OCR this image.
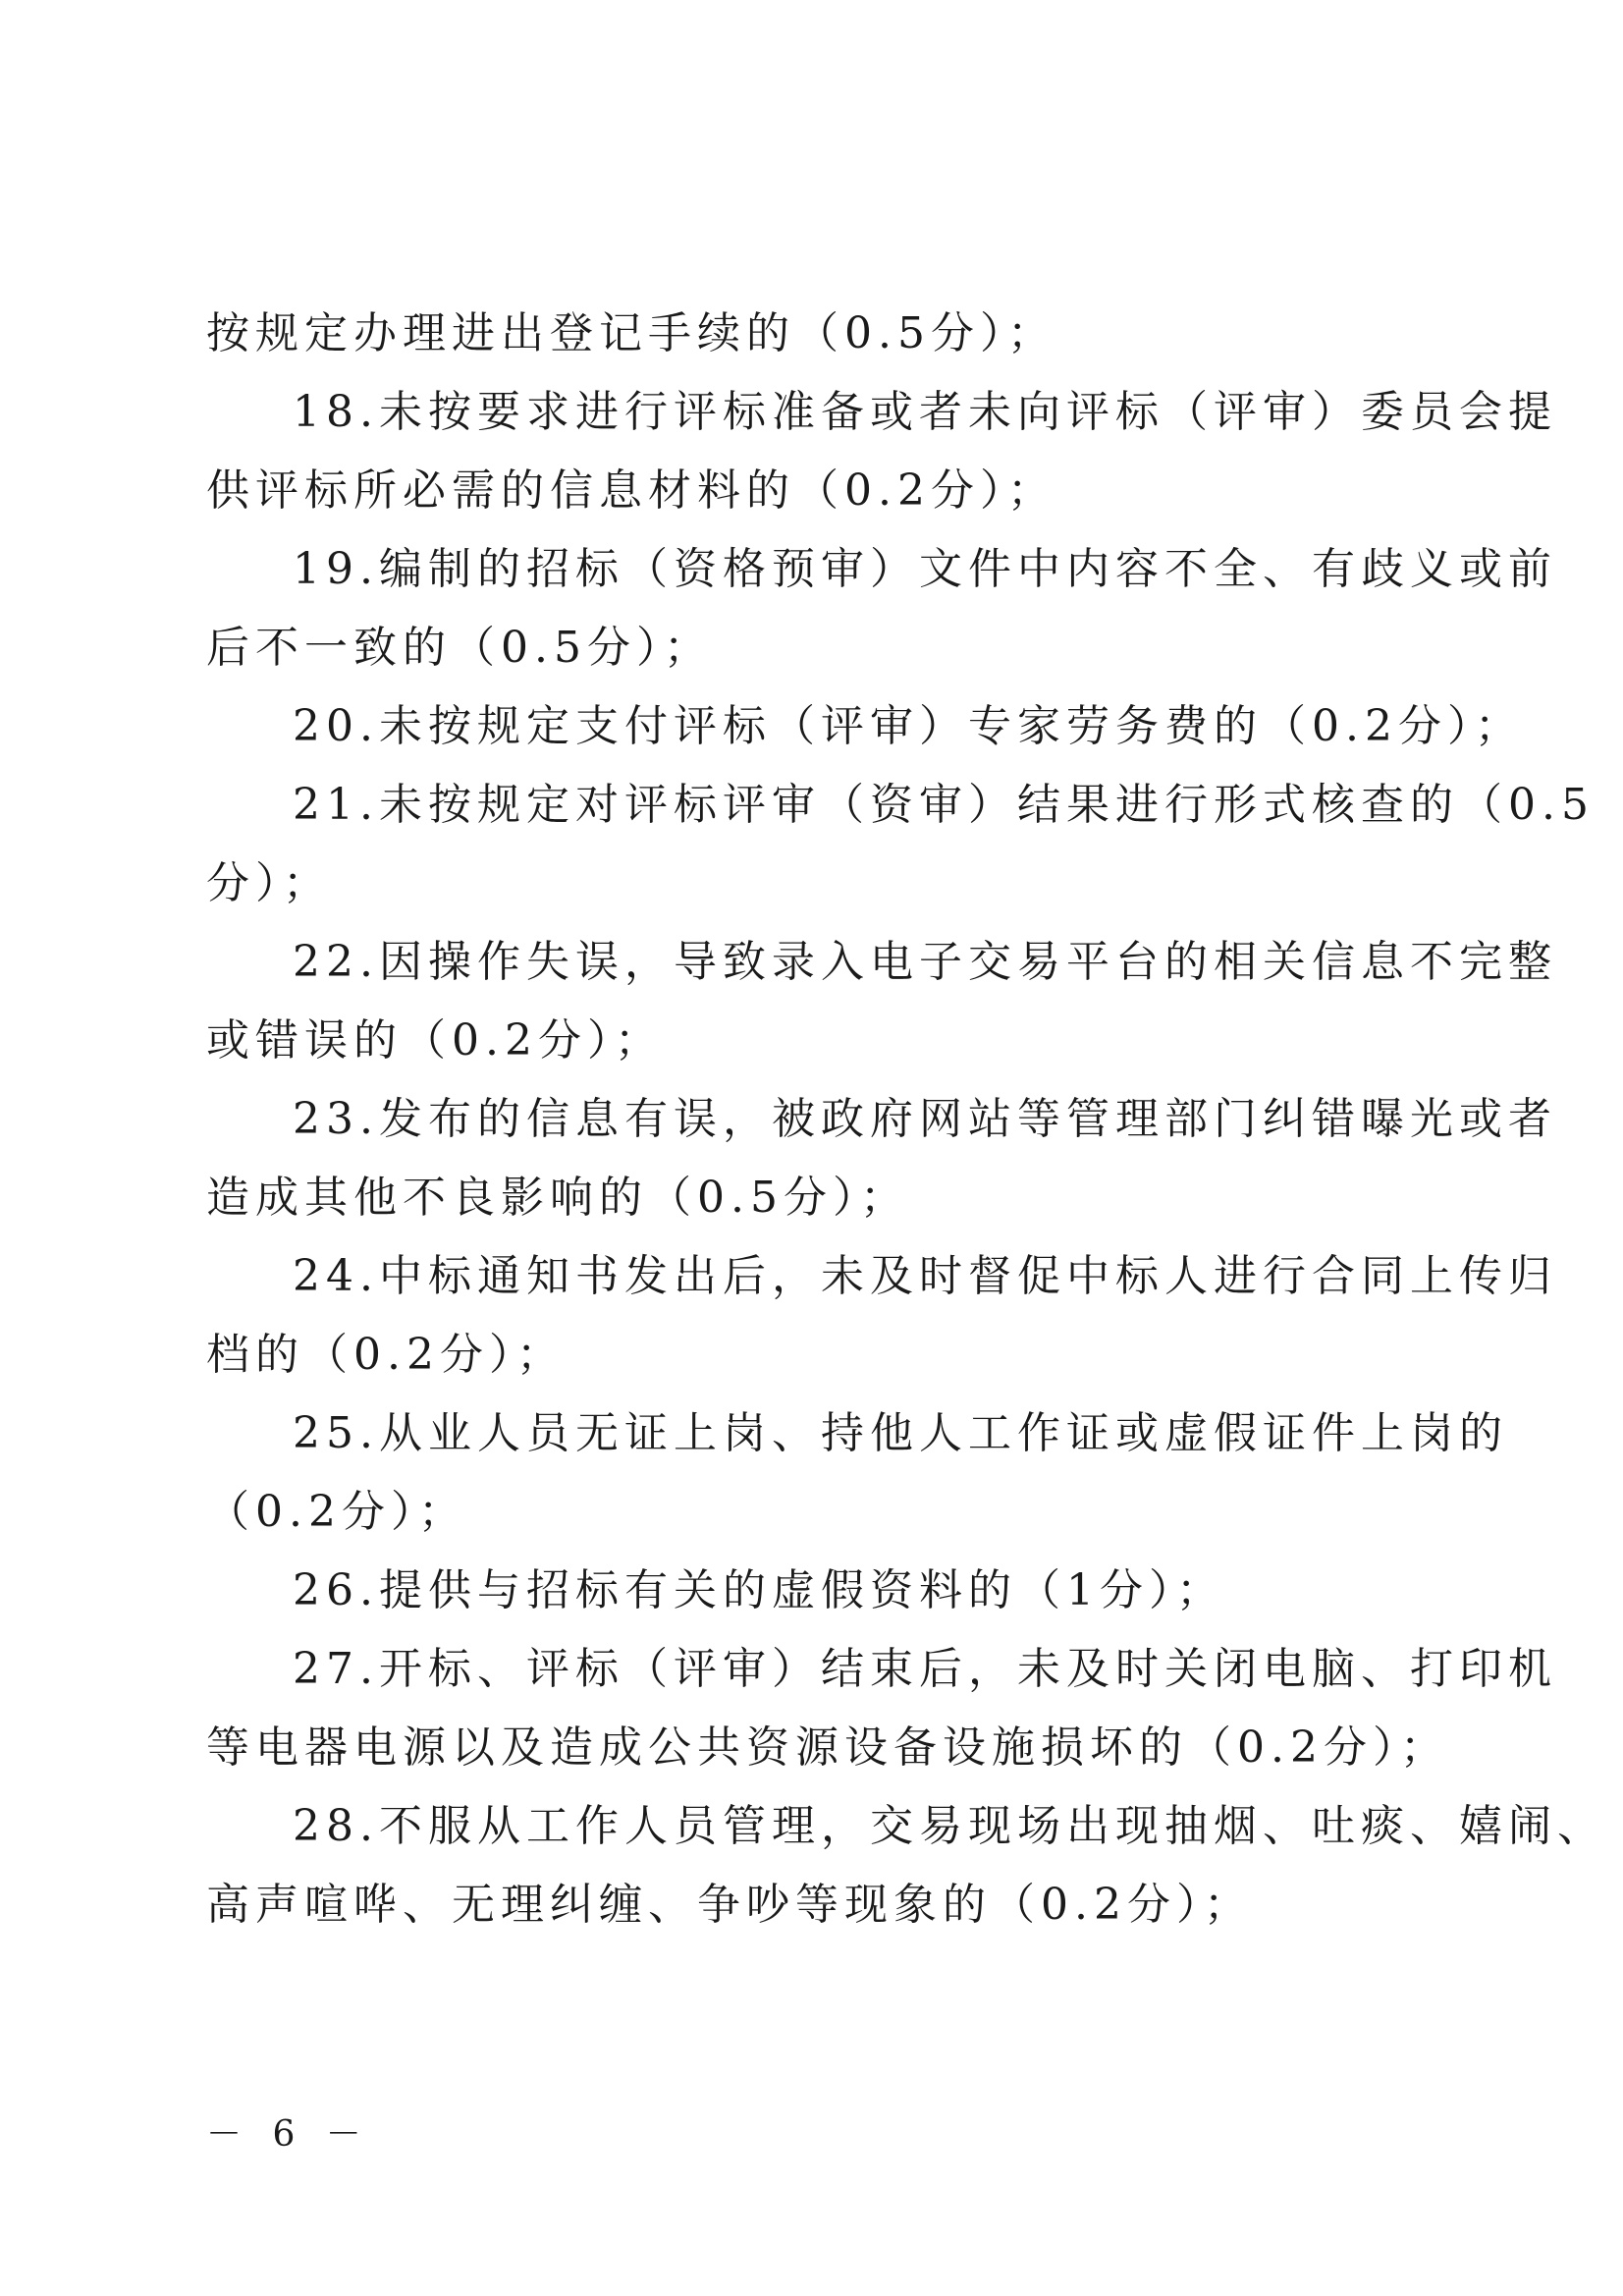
按规定办理进出登记手续的（0.5分）；
18.未按要求进行评标准备或者未向评标（评审）委员会提
供评标所必需的信息材料的（0.2分）；
19.编制的招标（资格预审）文件中内容不全、有歧义或前
后不一致的（0.5分）；
20.未按规定支付评标（评审）专家劳务费的（0.2分）；
21.未按规定对评标评审（资审）结果进行形式核查的（0.5
分）；
22.因操作失误，导致录入电子交易平台的相关信息不完整
或错误的（0.2分）；
23.发布的信息有误，被政府网站等管理部门纠错曝光或者
造成其他不良影响的（0.5分）；
24.中标通知书发出后，未及时督促中标人进行合同上传归
档的（0.2分）；
25.从业人员无证上岗、持他人工作证或虚假证件上岗的
（0.2分）；
26.提供与招标有关的虚假资料的（1分）；
27.开标、评标（评审）结束后，未及时关闭电脑、打印机
等电器电源以及造成公共资源设备设施损坏的（0.2分）；
28.不服从工作人员管理，交易现场出现抽烟、吐痰、嬉闹、
高声喧哗、无理纠缠、争吵等现象的（0.2分）；
－ 6 －
